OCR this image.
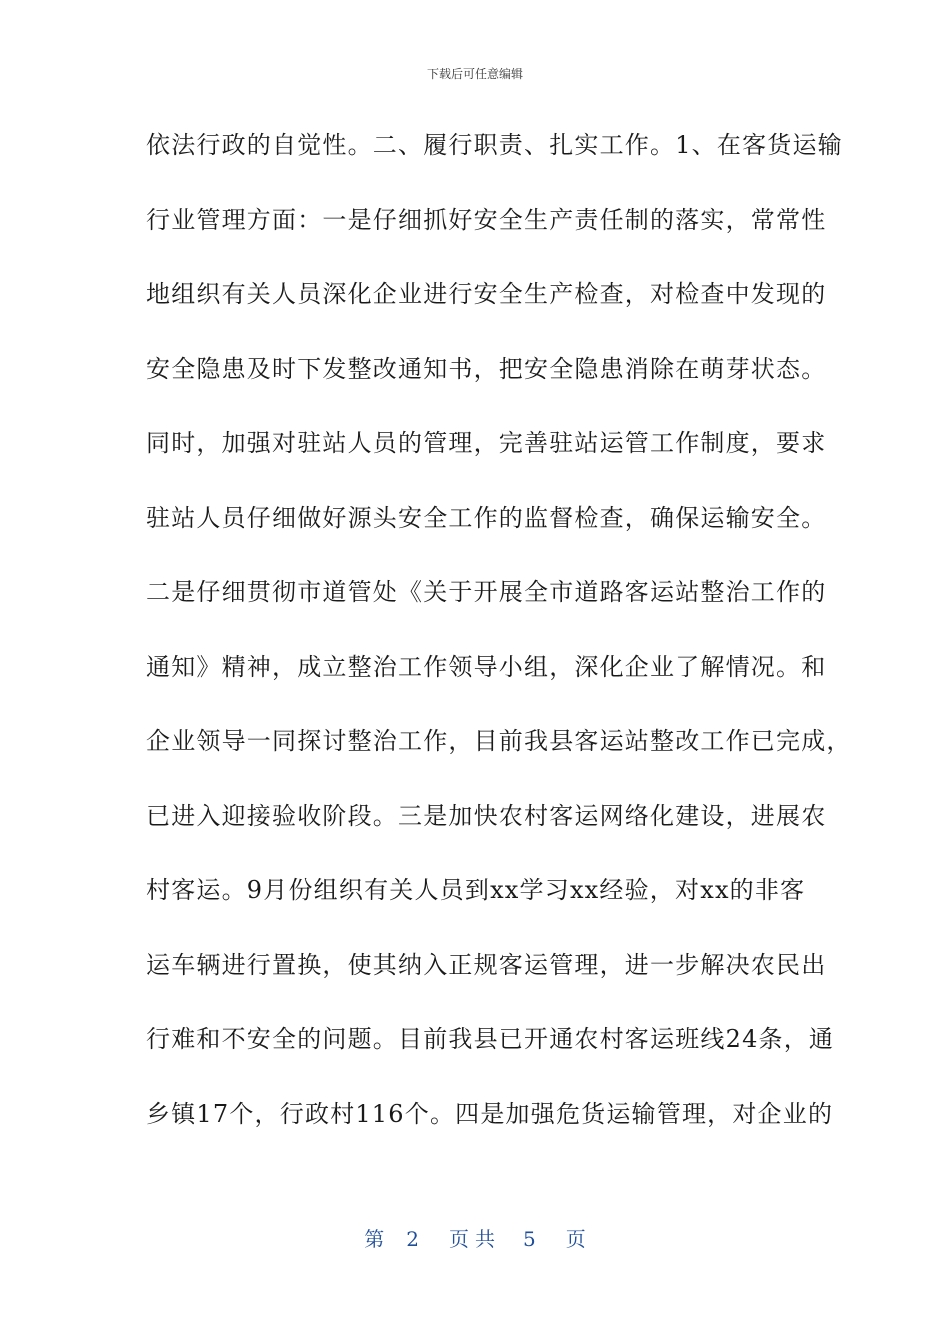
下载后可任意编辑
依法行政的自觉性。二、履行职责、扎实工作。1、在客货运输
行业管理方面：一是仔细抓好安全生产责任制的落实，常常性
地组织有关人员深化企业进行安全生产检查，对检查中发现的
安全隐患及时下发整改通知书，把安全隐患消除在萌芽状态。
同时，加强对驻站人员的管理，完善驻站运管工作制度，要求
驻站人员仔细做好源头安全工作的监督检查，确保运输安全。
二是仔细贯彻市道管处《关于开展全市道路客运站整治工作的
通知》精神，成立整治工作领导小组，深化企业了解情况。和
企业领导一同探讨整治工作，目前我县客运站整改工作已完成，
已进入迎接验收阶段。三是加快农村客运网络化建设，进展农
村客运。9月份组织有关人员到xx学习xx经验，对xx的非客
运车辆进行置换，使其纳入正规客运管理，进一步解决农民出
行难和不安全的问题。目前我县已开通农村客运班线24条，通
乡镇17个，行政村116个。四是加强危货运输管理，对企业的
第 2 页共 5 页
